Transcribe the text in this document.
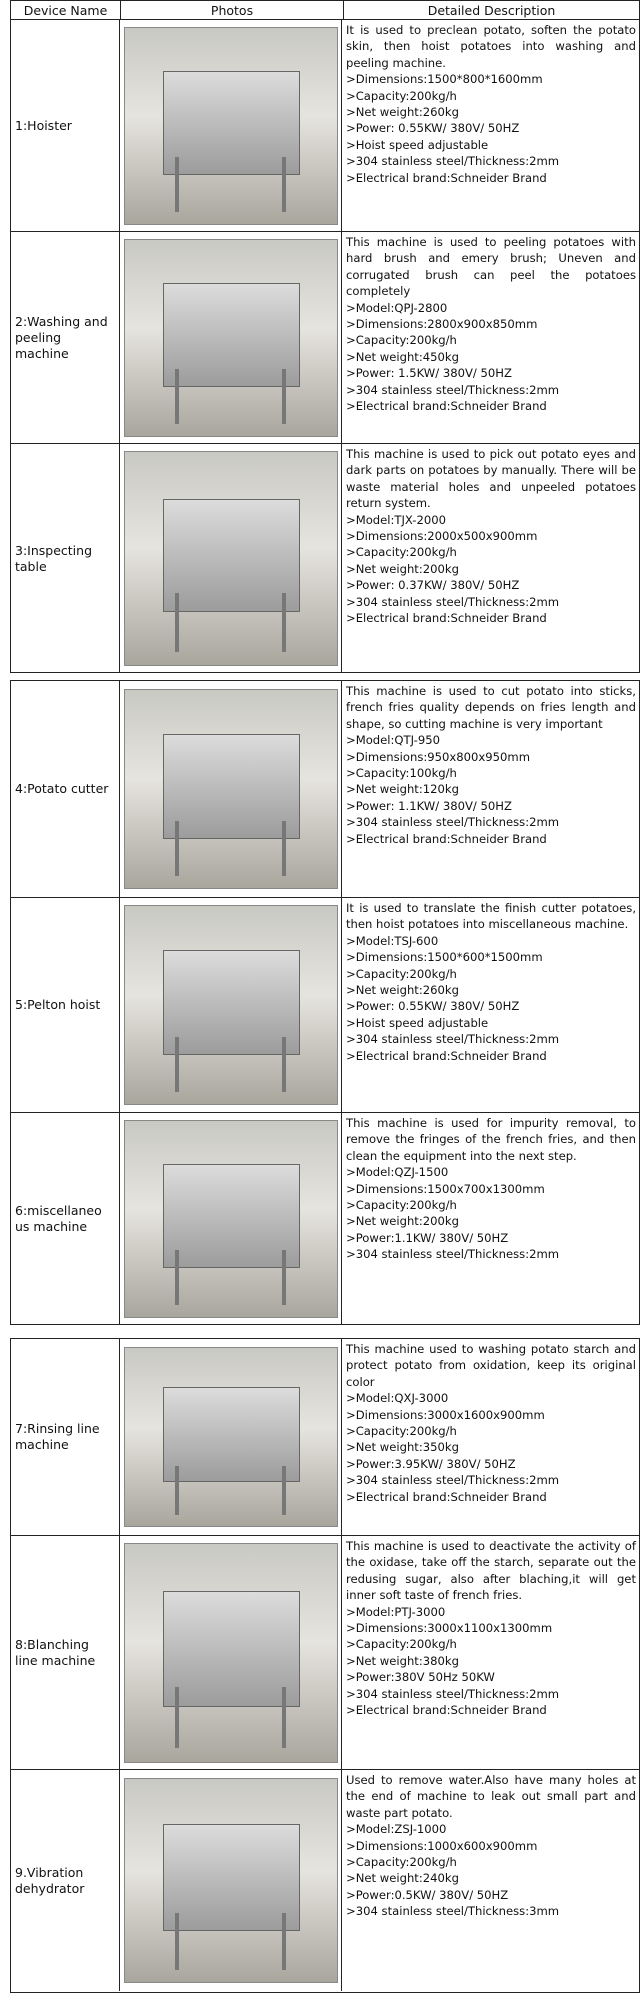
Device Name	Photos	Detailed Description
1:Hoister
It is used to preclean potato, soften the potato skin, then hoist potatoes into washing and peeling machine.
>Dimensions:1500*800*1600mm
>Capacity:200kg/h
>Net weight:260kg
>Power: 0.55KW/ 380V/ 50HZ
>Hoist speed adjustable
>304 stainless steel/Thickness:2mm
>Electrical brand:Schneider Brand
2:Washing and peeling machine
This machine is used to peeling potatoes with hard brush and emery brush; Uneven and corrugated brush can peel the potatoes completely
>Model:QPJ-2800
>Dimensions:2800x900x850mm
>Capacity:200kg/h
>Net weight:450kg
>Power: 1.5KW/ 380V/ 50HZ
>304 stainless steel/Thickness:2mm
>Electrical brand:Schneider Brand
3:Inspecting table
This machine is used to pick out potato eyes and dark parts on potatoes by manually. There will be waste material holes and unpeeled potatoes return system.
>Model:TJX-2000
>Dimensions:2000x500x900mm
>Capacity:200kg/h
>Net weight:200kg
>Power: 0.37KW/ 380V/ 50HZ
>304 stainless steel/Thickness:2mm
>Electrical brand:Schneider Brand
4:Potato cutter
This machine is used to cut potato into sticks, french fries quality depends on fries length and shape, so cutting machine is very important
>Model:QTJ-950
>Dimensions:950x800x950mm
>Capacity:100kg/h
>Net weight:120kg
>Power: 1.1KW/ 380V/ 50HZ
>304 stainless steel/Thickness:2mm
>Electrical brand:Schneider Brand
5:Pelton hoist
It is used to translate the finish cutter potatoes, then hoist potatoes into miscellaneous machine.
>Model:TSJ-600
>Dimensions:1500*600*1500mm
>Capacity:200kg/h
>Net weight:260kg
>Power: 0.55KW/ 380V/ 50HZ
>Hoist speed adjustable
>304 stainless steel/Thickness:2mm
>Electrical brand:Schneider Brand
6:miscellaneo us machine
This machine is used for impurity removal, to remove the fringes of the french fries, and then clean the equipment into the next step.
>Model:QZJ-1500
>Dimensions:1500x700x1300mm
>Capacity:200kg/h
>Net weight:200kg
>Power:1.1KW/ 380V/ 50HZ
>304 stainless steel/Thickness:2mm
7:Rinsing line machine
This machine used to washing potato starch and protect potato from oxidation, keep its original color
>Model:QXJ-3000
>Dimensions:3000x1600x900mm
>Capacity:200kg/h
>Net weight:350kg
>Power:3.95KW/ 380V/ 50HZ
>304 stainless steel/Thickness:2mm
>Electrical brand:Schneider Brand
8:Blanching line machine
This machine is used to deactivate the activity of the oxidase, take off the starch, separate out the redusing sugar, also after blaching,it will get inner soft taste of french fries.
>Model:PTJ-3000
>Dimensions:3000x1100x1300mm
>Capacity:200kg/h
>Net weight:380kg
>Power:380V 50Hz 50KW
>304 stainless steel/Thickness:2mm
>Electrical brand:Schneider Brand
9.Vibration dehydrator
Used to remove water.Also have many holes at the end of machine to leak out small part and waste part potato.
>Model:ZSJ-1000
>Dimensions:1000x600x900mm
>Capacity:200kg/h
>Net weight:240kg
>Power:0.5KW/ 380V/ 50HZ
>304 stainless steel/Thickness:3mm
